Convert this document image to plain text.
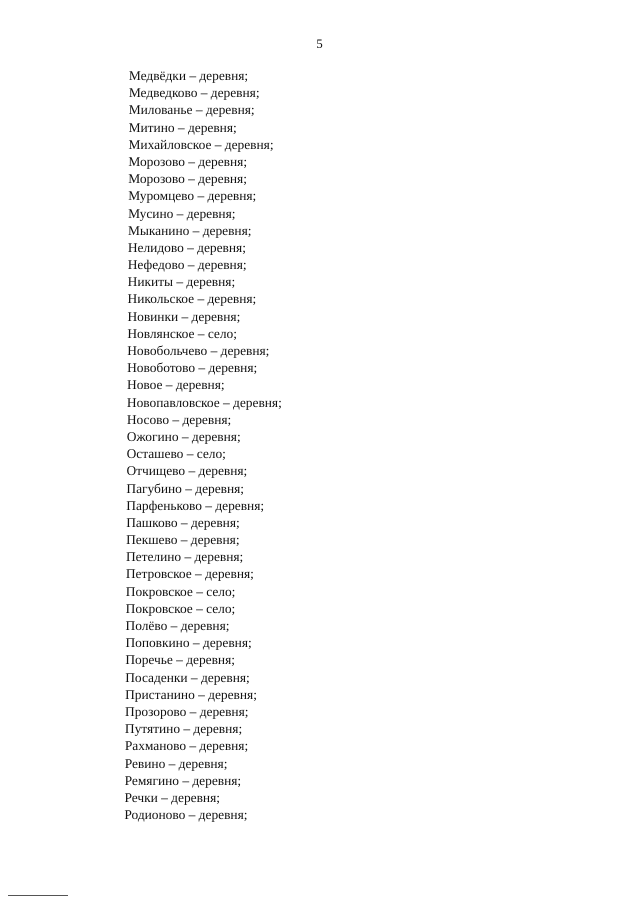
5
Медвёдки – деревня;
Медведково – деревня;
Милованье – деревня;
Митино – деревня;
Михайловское – деревня;
Морозово – деревня;
Морозово – деревня;
Муромцево – деревня;
Мусино – деревня;
Мыканино – деревня;
Нелидово – деревня;
Нефедово – деревня;
Никиты – деревня;
Никольское – деревня;
Новинки – деревня;
Новлянское – село;
Новобольчево – деревня;
Новоботово – деревня;
Новое – деревня;
Новопавловское – деревня;
Носово – деревня;
Ожогино – деревня;
Осташево – село;
Отчищево – деревня;
Пагубино – деревня;
Парфеньково – деревня;
Пашково – деревня;
Пекшево – деревня;
Петелино – деревня;
Петровское – деревня;
Покровское – село;
Покровское – село;
Полёво – деревня;
Поповкино – деревня;
Поречье – деревня;
Посаденки – деревня;
Пристанино – деревня;
Прозорово – деревня;
Путятино – деревня;
Рахманово – деревня;
Ревино – деревня;
Ремягино – деревня;
Речки – деревня;
Родионово – деревня;
